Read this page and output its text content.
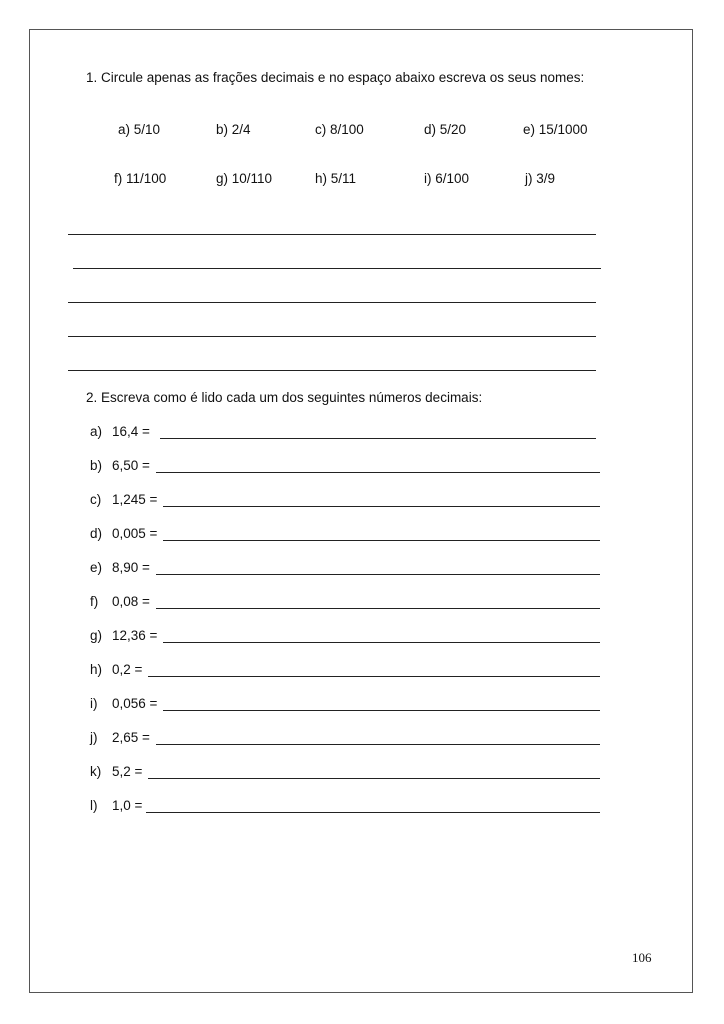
1. Circule apenas as frações decimais e no espaço abaixo escreva os seus nomes:
a) 5/10	b) 2/4	c) 8/100	d) 5/20	e) 15/1000
f) 11/100	g) 10/110	h) 5/11	i) 6/100	j) 3/9
2. Escreva como é lido cada um dos seguintes números decimais:
a) 16,4 =
b) 6,50 =
c) 1,245 =
d) 0,005 =
e) 8,90 =
f) 0,08 =
g) 12,36 =
h) 0,2 =
i) 0,056 =
j) 2,65 =
k) 5,2 =
l) 1,0 =
106
